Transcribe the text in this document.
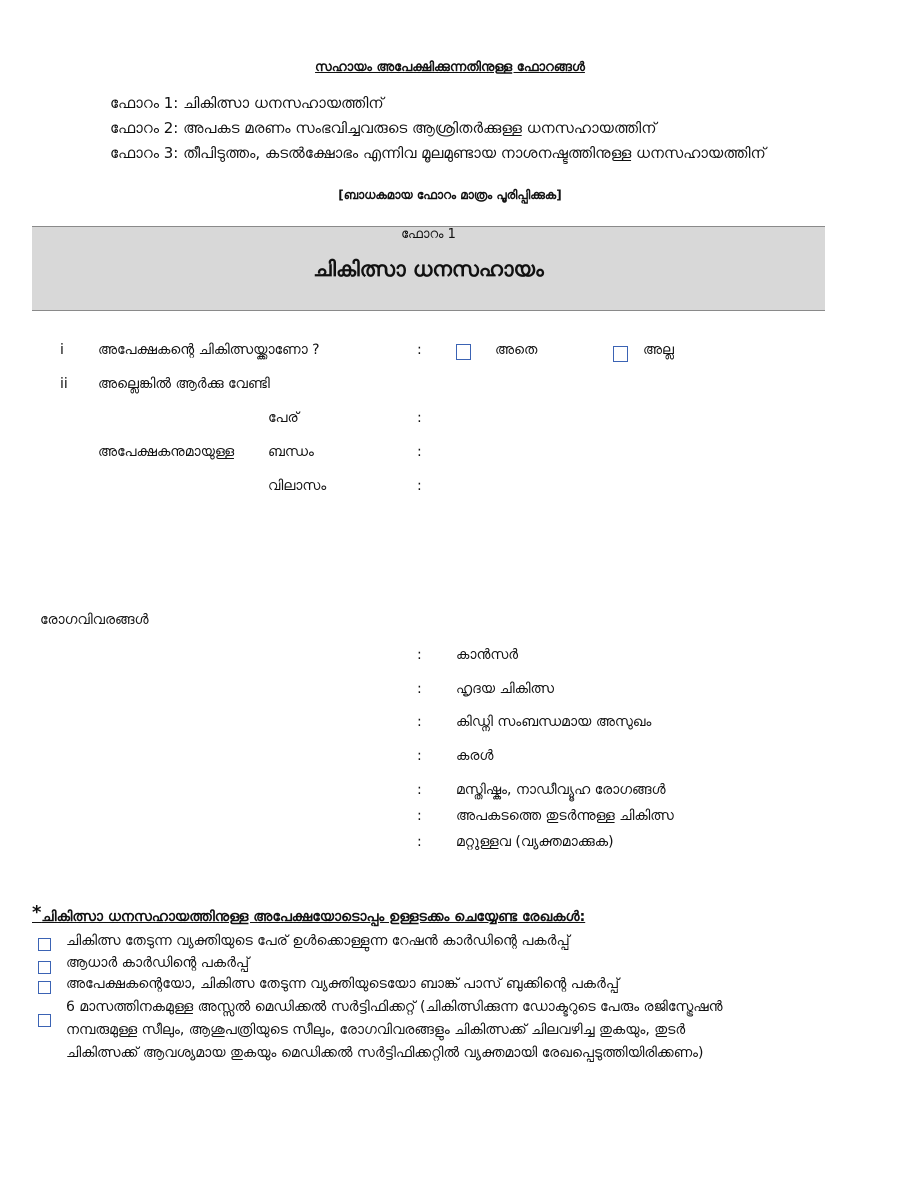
സഹായം അപേക്ഷിക്കുന്നതിനുള്ള ഫോറങ്ങൾ
ഫോറം 1: ചികിത്സാ ധനസഹായത്തിന്
ഫോറം 2: അപകട മരണം സംഭവിച്ചവരുടെ ആശ്രിതർക്കുള്ള ധനസഹായത്തിന്
ഫോറം 3: തീപിടുത്തം, കടൽക്ഷോഭം എന്നിവ മൂലമുണ്ടായ നാശനഷ്ടത്തിനുള്ള ധനസഹായത്തിന്
[ബാധകമായ ഫോറം മാത്രം പൂരിപ്പിക്കുക]
ഫോറം 1
ചികിത്സാ ധനസഹായം
i അപേക്ഷകന്റെ ചികിത്സയ്ക്കാണോ ?	:	അതെ	അല്ല
ii അല്ലെങ്കിൽ ആർക്കു വേണ്ടി
പേര്	:
അപേക്ഷകനുമായുള്ള ബന്ധം	:
വിലാസം	:
രോഗവിവരങ്ങൾ
: കാൻസർ
: ഹൃദയ ചികിത്സ
: കിഡ്നി സംബന്ധമായ അസുഖം
: കരൾ
: മസ്തിഷ്കം, നാഡീവ്യൂഹ രോഗങ്ങൾ
: അപകടത്തെ തുടർന്നുള്ള ചികിത്സ
: മറ്റുള്ളവ (വ്യക്തമാക്കുക)
*ചികിത്സാ ധനസഹായത്തിനുള്ള അപേക്ഷയോടൊപ്പം ഉള്ളടക്കം ചെയ്യേണ്ട രേഖകൾ:
ചികിത്സ തേടുന്ന വ്യക്തിയുടെ പേര് ഉൾക്കൊള്ളുന്ന റേഷൻ കാർഡിന്റെ പകർപ്പ്
ആധാർ കാർഡിന്റെ പകർപ്പ്
അപേക്ഷകന്റെയോ, ചികിത്സ തേടുന്ന വ്യക്തിയുടെയോ ബാങ്ക് പാസ് ബുക്കിന്റെ പകർപ്പ്
6 മാസത്തിനകമുള്ള അസ്സൽ മെഡിക്കൽ സർട്ടിഫിക്കറ്റ് (ചികിത്സിക്കുന്ന ഡോക്ടറുടെ പേരും രജിസ്ട്രേഷൻ
നമ്പരുമുള്ള സീലും, ആശുപത്രിയുടെ സീലും, രോഗവിവരങ്ങളും ചികിത്സക്ക് ചിലവഴിച്ച തുകയും, തുടർ
ചികിത്സക്ക് ആവശ്യമായ തുകയും മെഡിക്കൽ സർട്ടിഫിക്കറ്റിൽ വ്യക്തമായി രേഖപ്പെടുത്തിയിരിക്കണം)
